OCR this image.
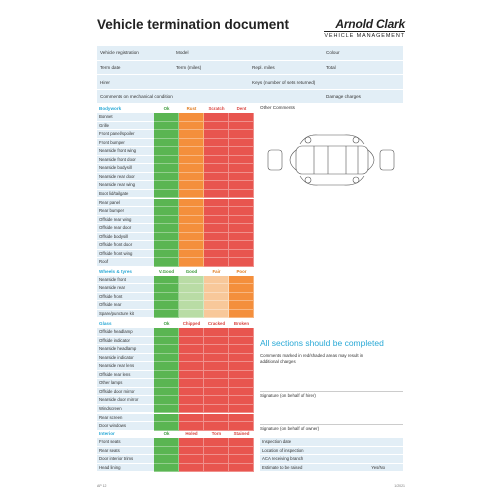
Vehicle termination document	Arnold Clark
VEHICLE MANAGEMENT
Vehicle registration	Model	Colour
Term date	Term (miles)	Repl. miles	Total
Hirer	Keys (number of sets returned)
Comments on mechanical condition	Damage charges
Bodywork	Ok	Rust	Scratch	Dent
Bonnet
Grille
Front panel/spoiler
Front bumper
Nearside front wing
Nearside front door
Nearside bodysill
Nearside rear door
Nearside rear wing
Boot lid/tailgate
Rear panel
Rear bumper
Offside rear wing
Offside rear door
Offside bodysill
Offside front door
Offside front wing
Roof
Wheels & tyres	V.Good	Good	Fair	Poor
Nearside front
Nearside rear
Offside front
Offside rear
Spare/puncture kit
Glass	Ok	Chipped	Cracked	Broken
Offside headlamp
Offside indicator
Nearside headlamp
Nearside indicator
Nearside rear lens
Offside rear lens
Other lamps
Offside door mirror
Nearside door mirror
Windscreen
Rear screen
Door windows
Interior	Ok	Holed	Torn	Stained
Front seats
Rear seats
Door interior trims
Head lining
Other Comments
All sections should be completed
Comments marked in red/shaded areas may result in additional charges
Signature (on behalf of hirer)
Signature (on behalf of owner)
Inspection date
Location of inspection
ACA receiving branch
Estimate to be raised	Yes/No
AP 12	1/2021
